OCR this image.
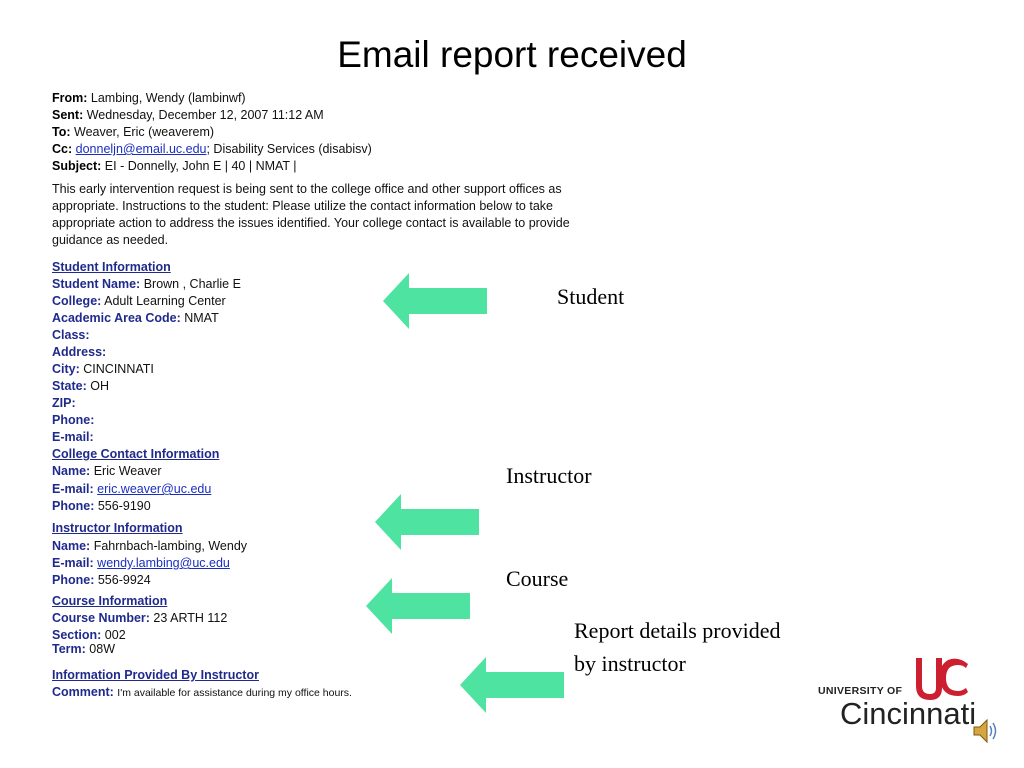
Email report received
From: Lambing, Wendy (lambinwf)
Sent: Wednesday, December 12, 2007 11:12 AM
To: Weaver, Eric (weaverem)
Cc: donneljn@email.uc.edu; Disability Services (disabisv)
Subject: EI - Donnelly, John E | 40 | NMAT |
This early intervention request is being sent to the college office and other support offices as
appropriate. Instructions to the student: Please utilize the contact information below to take
appropriate action to address the issues identified. Your college contact is available to provide
guidance as needed.
Student Information
Student Name: Brown , Charlie E
College: Adult Learning Center
Academic Area Code: NMAT
Class:
Address:
City: CINCINNATI
State: OH
ZIP:
Phone:
E-mail:
College Contact Information
Name: Eric Weaver
E-mail: eric.weaver@uc.edu
Phone: 556-9190
Instructor Information
Name: Fahrnbach-lambing, Wendy
E-mail: wendy.lambing@uc.edu
Phone: 556-9924
Course Information
Course Number: 23 ARTH 112
Section: 002
Term: 08W
Information Provided By Instructor
Comment: I'm available for assistance during my office hours.
Student
Instructor
Course
Report details provided
by instructor
UNIVERSITY OF
Cincinnati
